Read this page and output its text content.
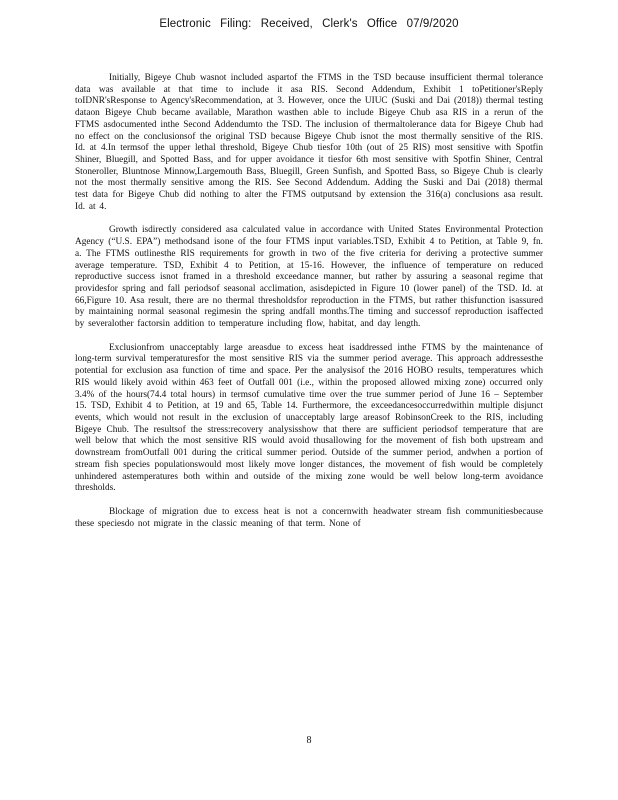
Electronic Filing: Received, Clerk's Office 07/9/2020

Initially, Bigeye Chub wasnot included aspartof the FTMS in the TSD because insufficient thermal tolerance data was available at that time to include it asa RIS. Second Addendum, Exhibit 1 toPetitioner'sReply toIDNR'sResponse to Agency'sRecommendation, at 3. However, once the UIUC (Suski and Dai (2018)) thermal testing dataon Bigeye Chub became available, Marathon wasthen able to include Bigeye Chub asa RIS in a rerun of the FTMS asdocumented inthe Second Addendumto the TSD. The inclusion of thermaltolerance data for Bigeye Chub had no effect on the conclusionsof the original TSD because Bigeye Chub isnot the most thermally sensitive of the RIS. Id. at 4.In termsof the upper lethal threshold, Bigeye Chub tiesfor 10th (out of 25 RIS) most sensitive with Spotfin Shiner, Bluegill, and Spotted Bass, and for upper avoidance it tiesfor 6th most sensitive with Spotfin Shiner, Central Stoneroller, Bluntnose Minnow,Largemouth Bass, Bluegill, Green Sunfish, and Spotted Bass, so Bigeye Chub is clearly not the most thermally sensitive among the RIS. See Second Addendum. Adding the Suski and Dai (2018) thermal test data for Bigeye Chub did nothing to alter the FTMS outputsand by extension the 316(a) conclusions asa result. Id. at 4.

Growth isdirectly considered asa calculated value in accordance with United States Environmental Protection Agency (“U.S. EPA”) methodsand isone of the four FTMS input variables.TSD, Exhibit 4 to Petition, at Table 9, fn. a. The FTMS outlinesthe RIS requirements for growth in two of the five criteria for deriving a protective summer average temperature. TSD, Exhibit 4 to Petition, at 15-16. However, the influence of temperature on reduced reproductive success isnot framed in a threshold exceedance manner, but rather by assuring a seasonal regime that providesfor spring and fall periodsof seasonal acclimation, asisdepicted in Figure 10 (lower panel) of the TSD. Id. at 66,Figure 10. Asa result, there are no thermal thresholdsfor reproduction in the FTMS, but rather thisfunction isassured by maintaining normal seasonal regimesin the spring andfall months.The timing and successof reproduction isaffected by severalother factorsin addition to temperature including flow, habitat, and day length.

Exclusionfrom unacceptably large areasdue to excess heat isaddressed inthe FTMS by the maintenance of long-term survival temperaturesfor the most sensitive RIS via the summer period average. This approach addressesthe potential for exclusion asa function of time and space. Per the analysisof the 2016 HOBO results, temperatures which RIS would likely avoid within 463 feet of Outfall 001 (i.e., within the proposed allowed mixing zone) occurred only 3.4% of the hours(74.4 total hours) in termsof cumulative time over the true summer period of June 16 – September 15. TSD, Exhibit 4 to Petition, at 19 and 65, Table 14. Furthermore, the exceedancesoccurredwithin multiple disjunct events, which would not result in the exclusion of unacceptably large areasof RobinsonCreek to the RIS, including Bigeye Chub. The resultsof the stress:recovery analysisshow that there are sufficient periodsof temperature that are well below that which the most sensitive RIS would avoid thusallowing for the movement of fish both upstream and downstream fromOutfall 001 during the critical summer period. Outside of the summer period, andwhen a portion of stream fish species populationswould most likely move longer distances, the movement of fish would be completely unhindered astemperatures both within and outside of the mixing zone would be well below long-term avoidance thresholds.

Blockage of migration due to excess heat is not a concernwith headwater stream fish communitiesbecause these speciesdo not migrate in the classic meaning of that term. None of

8
